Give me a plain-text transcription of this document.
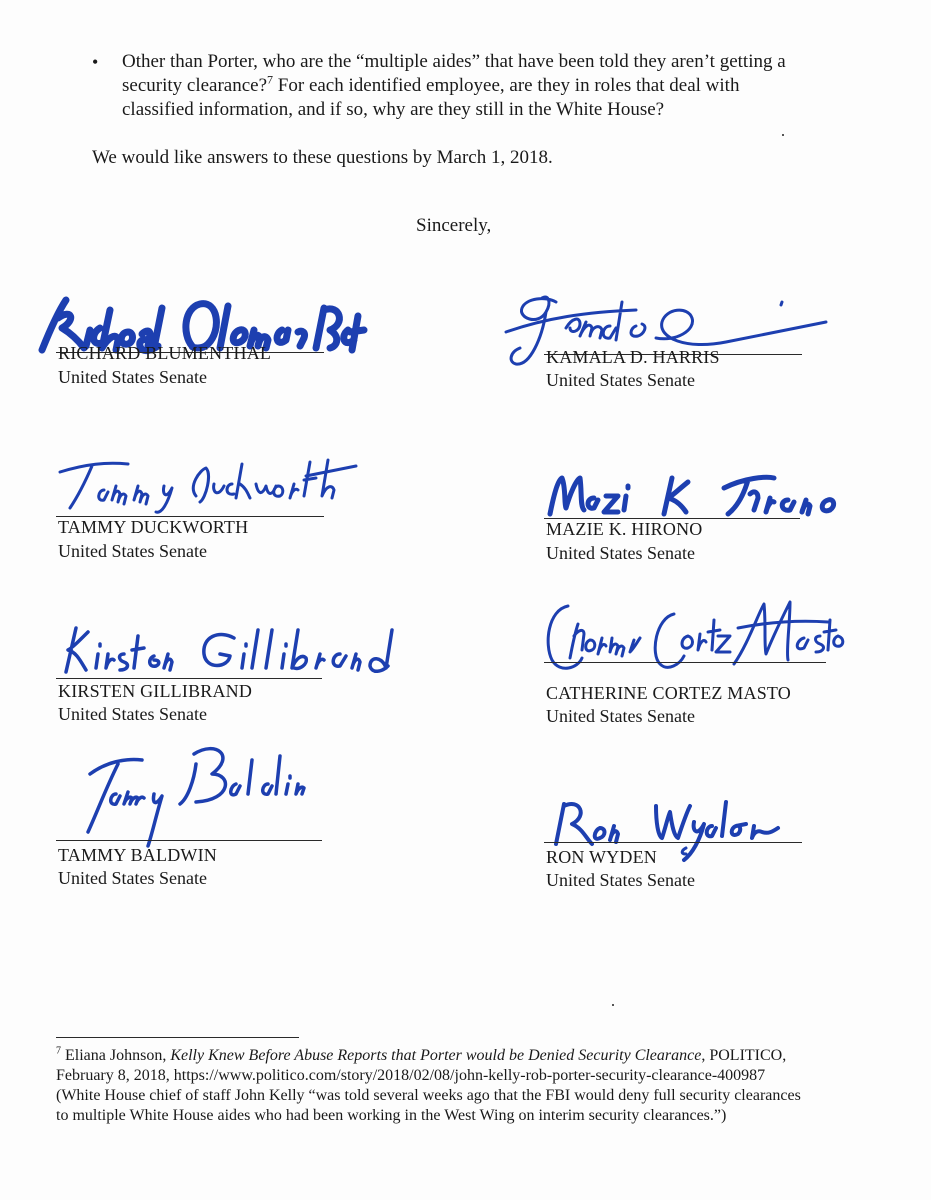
• Other than Porter, who are the “multiple aides” that have been told they aren’t getting a
security clearance?$^7$ For each identified employee, are they in roles that deal with
classified information, and if so, why are they still in the White House?
We would like answers to these questions by March 1, 2018.
Sincerely,
RICHARD BLUMENTHAL
United States Senate
KAMALA D. HARRIS
United States Senate
TAMMY DUCKWORTH
United States Senate
MAZIE K. HIRONO
United States Senate
KIRSTEN GILLIBRAND
United States Senate
CATHERINE CORTEZ MASTO
United States Senate
TAMMY BALDWIN
United States Senate
RON WYDEN
United States Senate
$^7$ Eliana Johnson, Kelly Knew Before Abuse Reports that Porter would be Denied Security Clearance, POLITICO,
February 8, 2018, https://www.politico.com/story/2018/02/08/john-kelly-rob-porter-security-clearance-400987
(White House chief of staff John Kelly “was told several weeks ago that the FBI would deny full security clearances
to multiple White House aides who had been working in the West Wing on interim security clearances.”)
